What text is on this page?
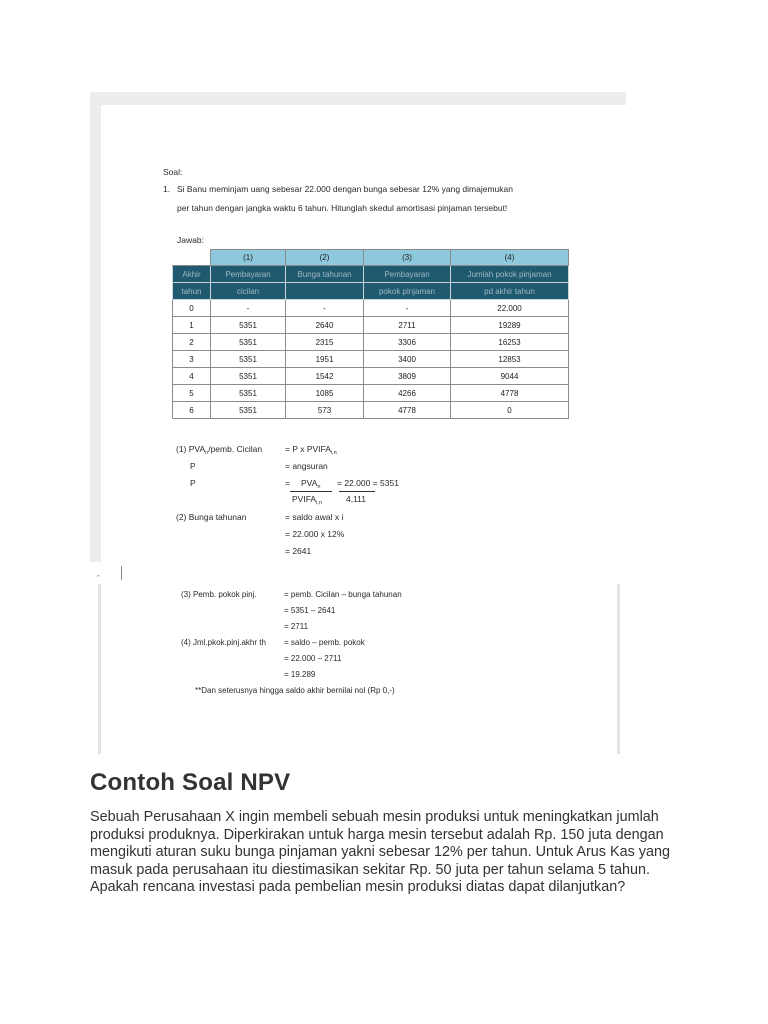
Soal:
1. Si Banu meminjam uang sebesar 22.000 dengan bunga sebesar 12% yang dimajemukan
per tahun dengan jangka waktu 6 tahun. Hitunglah skedul amortisasi pinjaman tersebut!
Jawab:
	(1)	(2)	(3)	(4)
Akhir	Pembayaran	Bunga tahunan	Pembayaran	Jumlah pokok pinjaman
tahun	cicilan		pokok pinjaman	pd akhir tahun
0	-	-	-	22.000
1	5351	2640	2711	19289
2	5351	2315	3306	16253
3	5351	1951	3400	12853
4	5351	1542	3809	9044
5	5351	1085	4266	4778
6	5351	573	4778	0
(1) $PVA_n$/pemb. Cicilan	= P x $PVIFA_{i,n}$
P	= angsuran
P	= $PVA_n = 22.000 = 5351$
$PVIFA_{i,n}$	4,111
(2) Bunga tahunan	= saldo awal x i
= 22.000 x 12%
= 2641
ˆ
(3) Pemb. pokok pinj.	= pemb. Cicilan – bunga tahunan
= 5351 – 2641
= 2711
(4) Jml.pkok.pinj.akhr th = saldo – pemb. pokok
= 22.000 – 2711
= 19.289
**Dan seterusnya hingga saldo akhir bernilai nol (Rp 0,-)
Contoh Soal NPV

Sebuah Perusahaan X ingin membeli sebuah mesin produksi untuk meningkatkan jumlah produksi produknya. Diperkirakan untuk harga mesin tersebut adalah Rp. 150 juta dengan mengikuti aturan suku bunga pinjaman yakni sebesar 12% per tahun. Untuk Arus Kas yang masuk pada perusahaan itu diestimasikan sekitar Rp. 50 juta per tahun selama 5 tahun. Apakah rencana investasi pada pembelian mesin produksi diatas dapat dilanjutkan?
